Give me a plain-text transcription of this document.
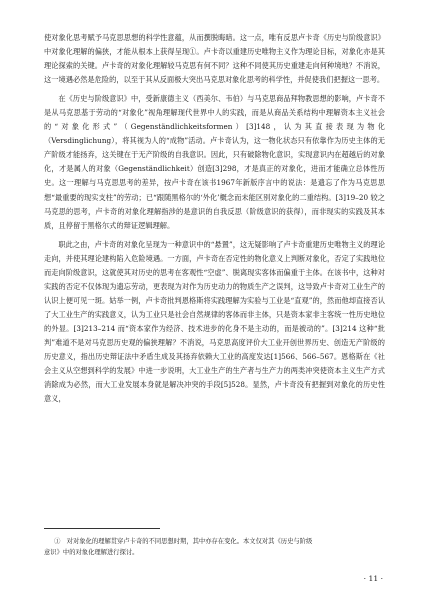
使对象化思考赋予马克思思想的科学性意蕴，从而撰脱晦暗。这一点，唯有反思卢卡奇《历史与阶级意识》中对象化理解的偏狭，才能从根本上获得呈现①。卢卡奇以重建历史唯物主义作为理论目标，对象化亦是其理论探索的关键。卢卡奇的对象化理解较马克思有何不同？这种不同使其历史重建走向何种境地？不消说，这一境遇必然是危险的，以至于其从反面极大突出马克思对象化思考的科学性，并促使我们把握这一思考。

在《历史与阶级意识》中，受新康德主义（西美尔、韦伯）与马克思商品拜物教思想的影响，卢卡奇不是从马克思基于劳动的“对象化”视角理解现代世界中人的实践，而是从商品关系结构中理解资本主义社会的“对象化形式”（Gegenständlichkeitsformen）[3]148，认为其直接表现为物化（Versdinglichung），将其视为人的“成物”活动。卢卡奇认为，这一物化状态只有依靠作为历史主体的无产阶级才能扬弃，这关键在于无产阶级的自我意识。因此，只有破除物化意识，实现意识内在超越后的对象化，才是属人的对象（Gegenständlichkeit）创造[3]298，才是真正的对象化，进而才能确立总体性历史。这一理解与马克思思考的差异，按卢卡奇在该书1967年新版序言中的说法：是遗忘了作为马克思思想“最重要的现实支柱”的劳动；已“跟随黑格尔的‘外化’概念而未能区别对象化的二重结构。[3]19–20 较之马克思的思考，卢卡奇的对象化理解指涉的是意识的自我反思（阶级意识的获得），而非现实的实践及其本质，且停留于黑格尔式的辩证逻辑理解。

职此之由，卢卡奇的对象化呈现为一种意识中的“悬置”，这无疑影响了卢卡奇重建历史唯物主义的理论走向，并使其理论建构陷入危险境遇。一方面，卢卡奇在否定性的物化意义上判断对象化，否定了实践地位而走向阶级意识，这就使其对历史的思考在客观性“空虚”、脱离现实客体而偏重于主体。在该书中，这种对实践的否定不仅体现为遗忘劳动，更表现为对作为历史动力的物质生产之误判，这导致卢卡奇对工业生产的认识上便可见一斑。姑举一例，卢卡奇批判恩格斯将实践理解为实验与工业是“直观”的，然而他却直接否认了大工业生产的实践意义，认为工业只是社会自然规律的客体而非主体，只是资本家非主客统一性历史地位的外显。[3]213–214 而“资本家作为经济、技术进步的化身不是主动的，而是被动的”。[3]214 这种“批判”难道不是对马克思历史观的偏狭理解？不消说，马克思高度评价大工业开创世界历史、创造无产阶级的历史意义，指出历史辩证法中矛盾生成及其扬弃依赖大工业的高度发达[1]566、566–567。恩格斯在《社会主义从空想到科学的发展》中进一步说明，大工业生产的生产者与生产力的两类冲突使资本主义生产方式消除成为必然，而大工业发展本身就是解决冲突的手段[5]528。显然，卢卡奇没有把握到对象化的历史性意义，

①　对对象化的理解贯穿卢卡奇的不同思想时期，其中亦存在变化。本文仅对其《历史与阶级
意识》中的对象化理解进行探讨。
· 11 ·
